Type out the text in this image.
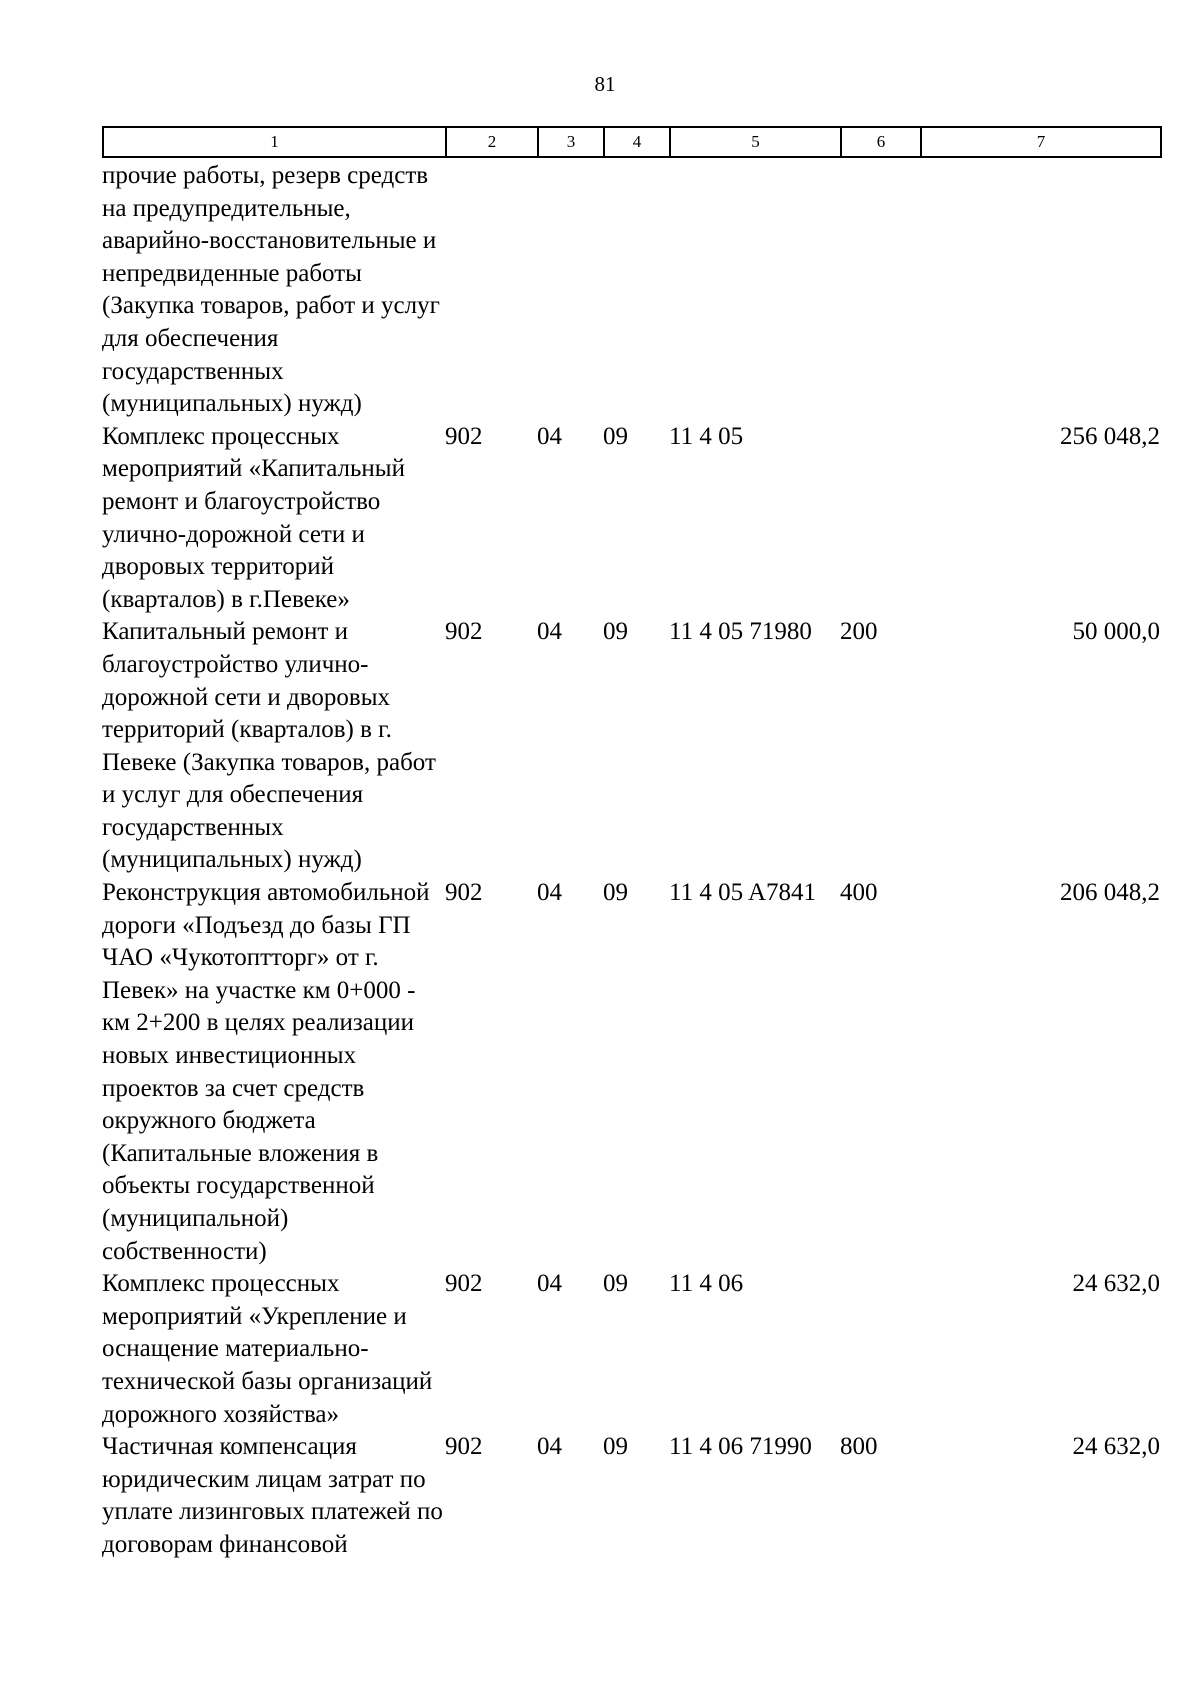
81
1	2	3	4	5	6	7
прочие работы, резерв средств на предупредительные, аварийно-восстановительные и непредвиденные работы (Закупка товаров, работ и услуг для обеспечения государственных (муниципальных) нужд)						
Комплекс процессных мероприятий «Капитальный ремонт и благоустройство улично-дорожной сети и дворовых территорий (кварталов) в г.Певеке»	902	04	09	11 4 05		256 048,2
Капитальный ремонт и благоустройство улично-дорожной сети и дворовых территорий (кварталов) в г. Певеке (Закупка товаров, работ и услуг для обеспечения государственных (муниципальных) нужд)	902	04	09	11 4 05 71980	200	50 000,0
Реконструкция автомобильной дороги «Подъезд до базы ГП ЧАО «Чукотоптторг» от г. Певек» на участке км 0+000 - км 2+200 в целях реализации новых инвестиционных проектов за счет средств окружного бюджета (Капитальные вложения в объекты государственной (муниципальной) собственности)	902	04	09	11 4 05 A7841	400	206 048,2
Комплекс процессных мероприятий «Укрепление и оснащение материально-технической базы организаций дорожного хозяйства»	902	04	09	11 4 06		24 632,0
Частичная компенсация юридическим лицам затрат по уплате лизинговых платежей по договорам финансовой	902	04	09	11 4 06 71990	800	24 632,0
